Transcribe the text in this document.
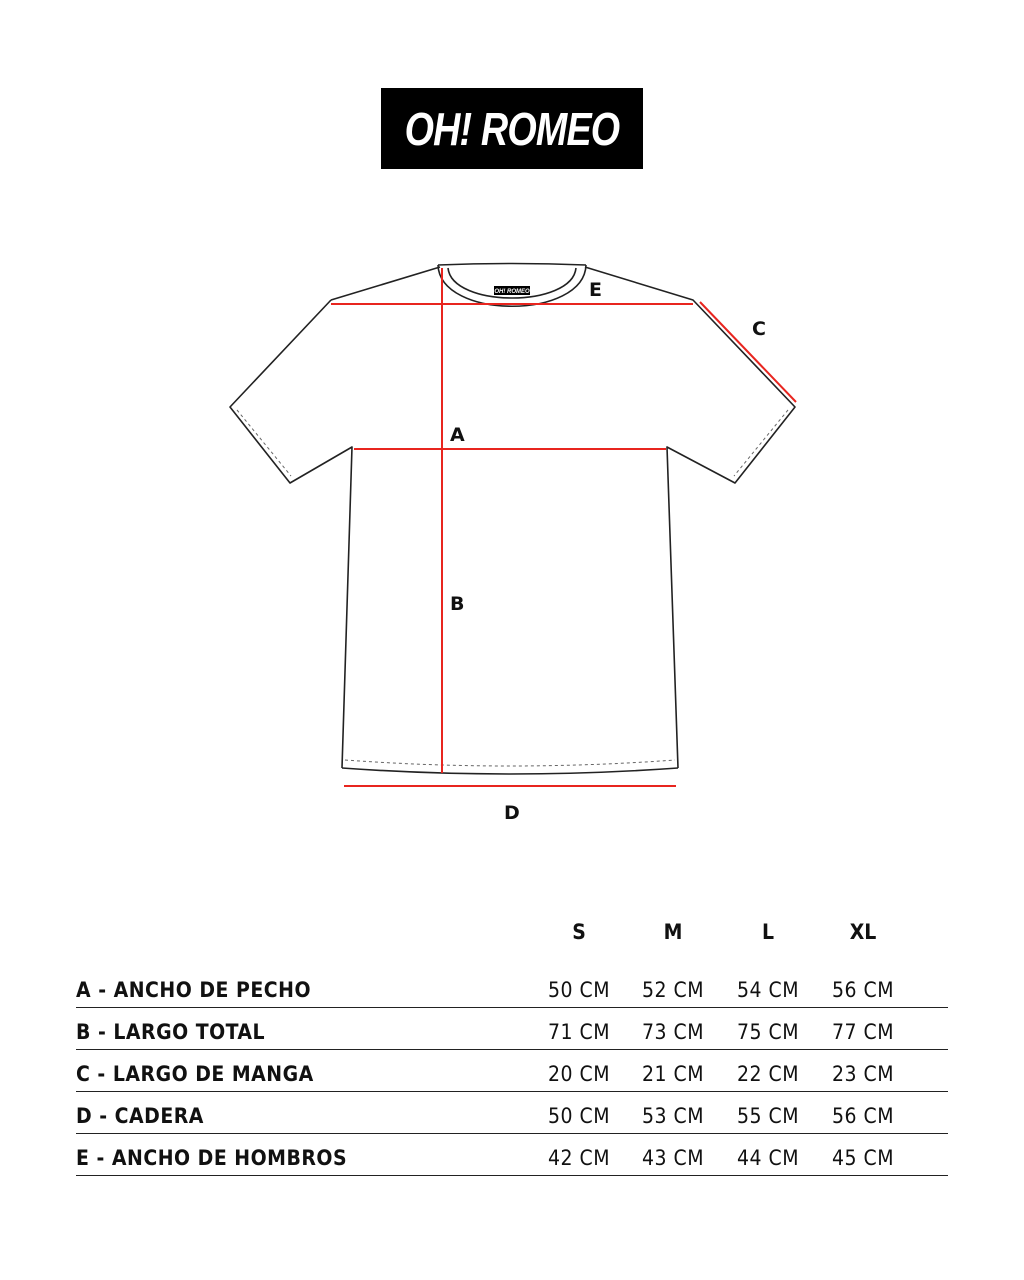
OH! ROMEO
OH! ROMEO	E
C
A
B
D
S	M	L	XL
A - ANCHO DE PECHO	50 CM	52 CM	54 CM	56 CM
B - LARGO TOTAL	71 CM	73 CM	75 CM	77 CM
C - LARGO DE MANGA	20 CM	21 CM	22 CM	23 CM
D - CADERA	50 CM	53 CM	55 CM	56 CM
E - ANCHO DE HOMBROS	42 CM	43 CM	44 CM	45 CM
